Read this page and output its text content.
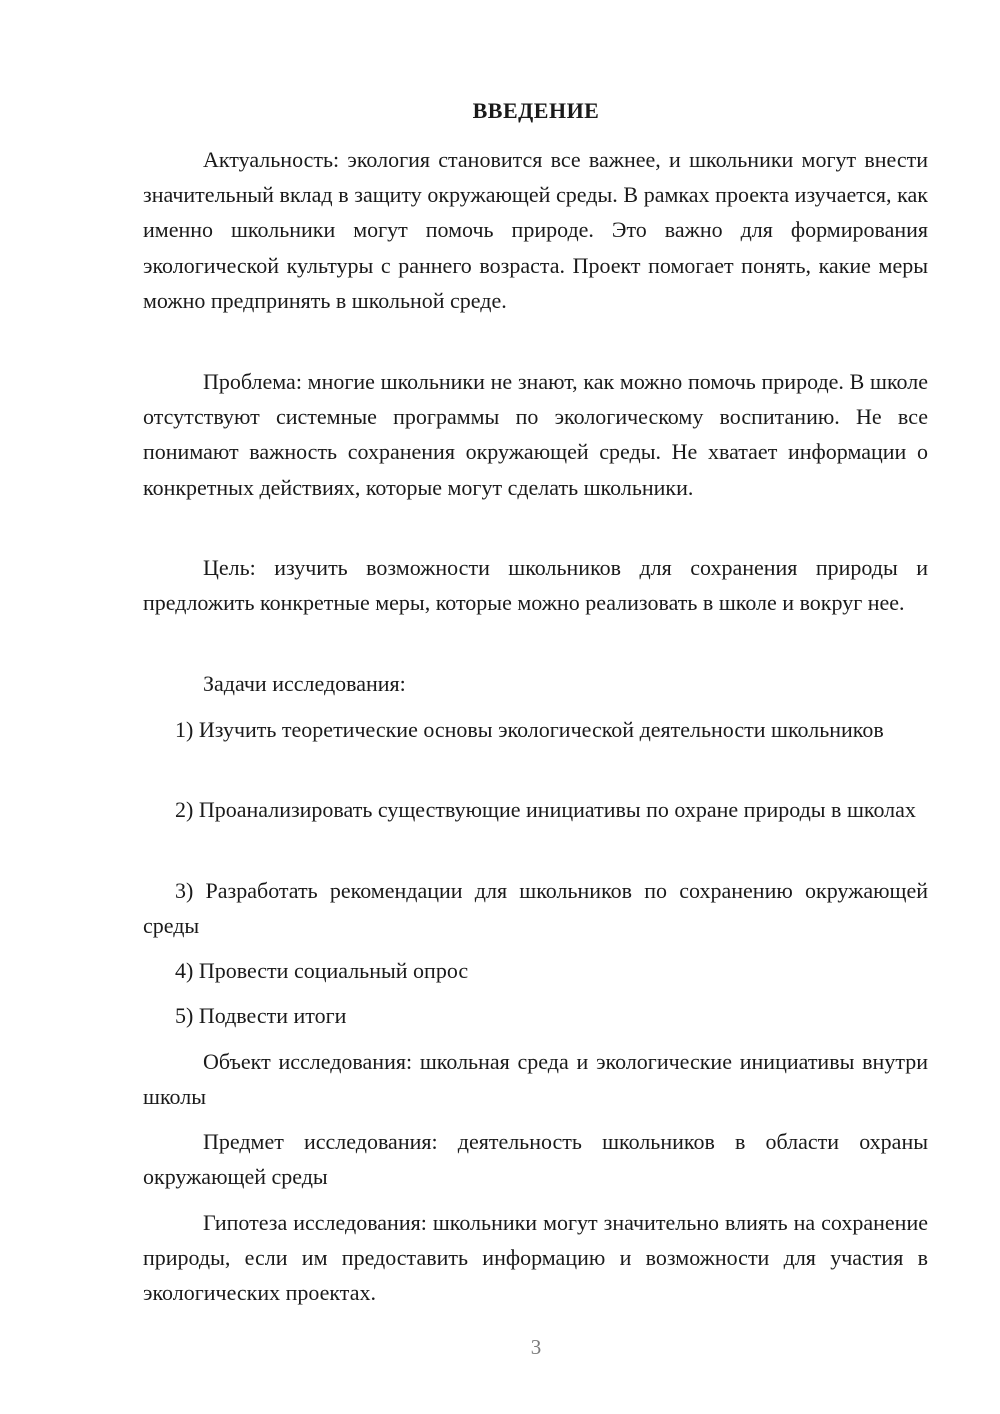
ВВЕДЕНИЕ

Актуальность: экология становится все важнее, и школьники могут внести значительный вклад в защиту окружающей среды. В рамках проекта изучается, как именно школьники могут помочь природе. Это важно для формирования экологической культуры с раннего возраста. Проект помогает понять, какие меры можно предпринять в школьной среде.

Проблема: многие школьники не знают, как можно помочь природе. В школе отсутствуют системные программы по экологическому воспитанию. Не все понимают важность сохранения окружающей среды. Не хватает информации о конкретных действиях, которые могут сделать школьники.

Цель: изучить возможности школьников для сохранения природы и предложить конкретные меры, которые можно реализовать в школе и вокруг нее.

Задачи исследования:

1) Изучить теоретические основы экологической деятельности школьников

2) Проанализировать существующие инициативы по охране природы в школах

3) Разработать рекомендации для школьников по сохранению окружающей среды

4) Провести социальный опрос

5) Подвести итоги

Объект исследования: школьная среда и экологические инициативы внутри школы

Предмет исследования: деятельность школьников в области охраны окружающей среды

Гипотеза исследования: школьники могут значительно влиять на сохранение природы, если им предоставить информацию и возможности для участия в экологических проектах.

3
